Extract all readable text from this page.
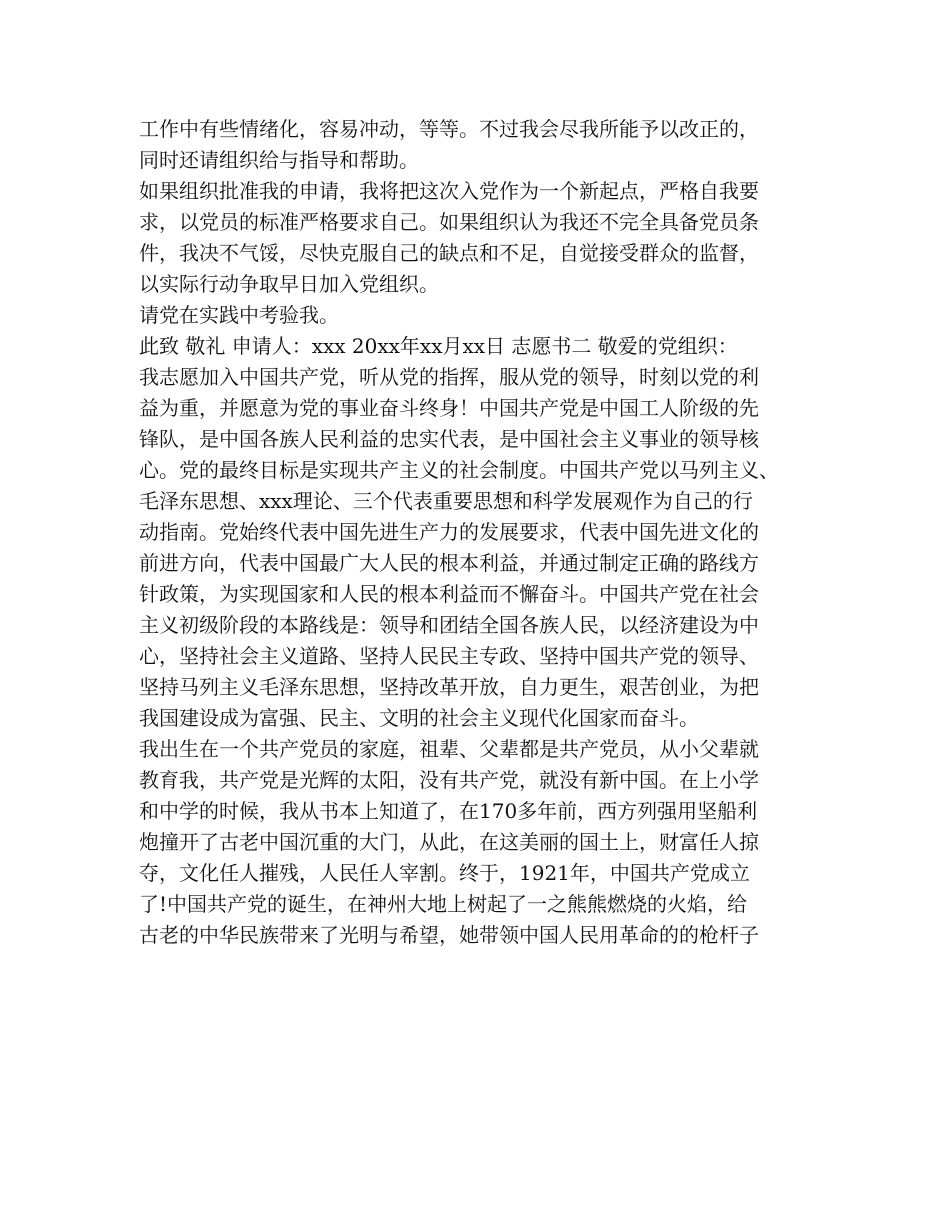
工作中有些情绪化，容易冲动，等等。不过我会尽我所能予以改正的，
同时还请组织给与指导和帮助。
如果组织批准我的申请，我将把这次入党作为一个新起点，严格自我要
求，以党员的标准严格要求自己。如果组织认为我还不完全具备党员条
件，我决不气馁，尽快克服自己的缺点和不足，自觉接受群众的监督，
以实际行动争取早日加入党组织。
请党在实践中考验我。
此致 敬礼 申请人：xxx 20xx年xx月xx日 志愿书二 敬爱的党组织：
我志愿加入中国共产党，听从党的指挥，服从党的领导，时刻以党的利
益为重，并愿意为党的事业奋斗终身！中国共产党是中国工人阶级的先
锋队，是中国各族人民利益的忠实代表，是中国社会主义事业的领导核
心。党的最终目标是实现共产主义的社会制度。中国共产党以马列主义、
毛泽东思想、xxx理论、三个代表重要思想和科学发展观作为自己的行
动指南。党始终代表中国先进生产力的发展要求，代表中国先进文化的
前进方向，代表中国最广大人民的根本利益，并通过制定正确的路线方
针政策，为实现国家和人民的根本利益而不懈奋斗。中国共产党在社会
主义初级阶段的本路线是：领导和团结全国各族人民，以经济建设为中
心，坚持社会主义道路、坚持人民民主专政、坚持中国共产党的领导、
坚持马列主义毛泽东思想，坚持改革开放，自力更生，艰苦创业，为把
我国建设成为富强、民主、文明的社会主义现代化国家而奋斗。
我出生在一个共产党员的家庭，祖辈、父辈都是共产党员，从小父辈就
教育我，共产党是光辉的太阳，没有共产党，就没有新中国。在上小学
和中学的时候，我从书本上知道了，在170多年前，西方列强用坚船利
炮撞开了古老中国沉重的大门，从此，在这美丽的国土上，财富任人掠
夺，文化任人摧残，人民任人宰割。终于，1921年，中国共产党成立
了!中国共产党的诞生，在神州大地上树起了一之熊熊燃烧的火焰，给
古老的中华民族带来了光明与希望，她带领中国人民用革命的的枪杆子
